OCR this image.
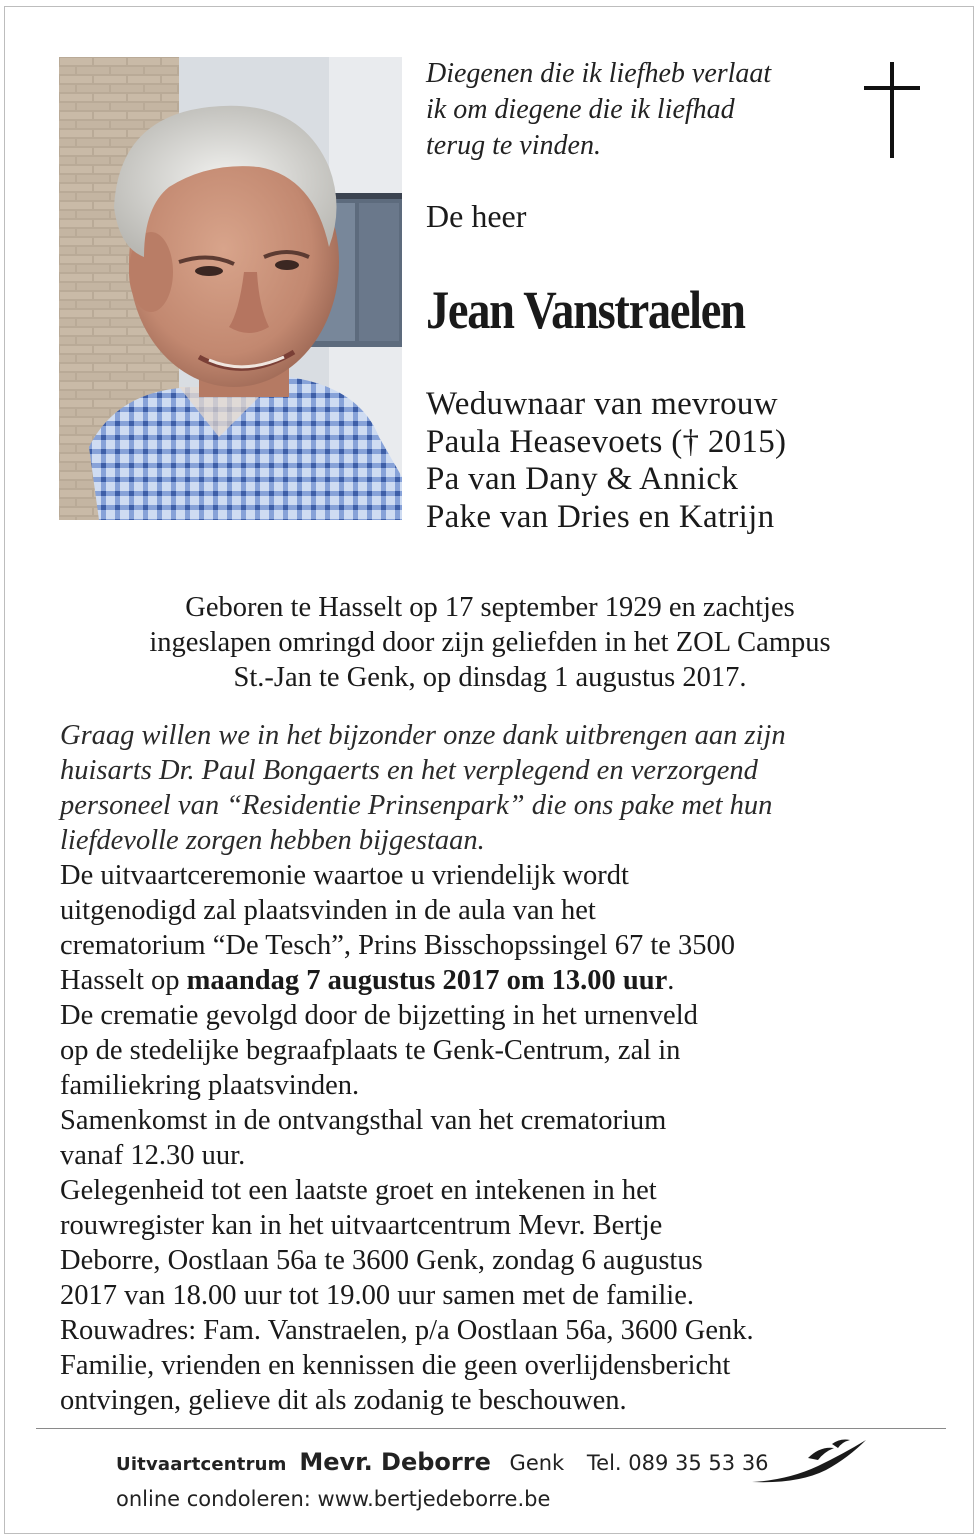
Diegenen die ik liefheb verlaat
ik om diegene die ik liefhad
terug te vinden.
De heer
Jean Vanstraelen
Weduwnaar van mevrouw
Paula Heasevoets († 2015)
Pa van Dany & Annick
Pake van Dries en Katrijn
Geboren te Hasselt op 17 september 1929 en zachtjes
ingeslapen omringd door zijn geliefden in het ZOL Campus
St.-Jan te Genk, op dinsdag 1 augustus 2017.

Graag willen we in het bijzonder onze dank uitbrengen aan zijn
huisarts Dr. Paul Bongaerts en het verplegend en verzorgend
personeel van “Residentie Prinsenpark” die ons pake met hun
liefdevolle zorgen hebben bijgestaan.

De uitvaartceremonie waartoe u vriendelijk wordt
uitgenodigd zal plaatsvinden in de aula van het
crematorium “De Tesch”, Prins Bisschopssingel 67 te 3500
Hasselt op maandag 7 augustus 2017 om 13.00 uur.

De crematie gevolgd door de bijzetting in het urnenveld
op de stedelijke begraafplaats te Genk-Centrum, zal in
familiekring plaatsvinden.

Samenkomst in de ontvangsthal van het crematorium
vanaf 12.30 uur.

Gelegenheid tot een laatste groet en intekenen in het
rouwregister kan in het uitvaartcentrum Mevr. Bertje
Deborre, Oostlaan 56a te 3600 Genk, zondag 6 augustus
2017 van 18.00 uur tot 19.00 uur samen met de familie.

Rouwadres: Fam. Vanstraelen, p/a Oostlaan 56a, 3600 Genk.

Familie, vrienden en kennissen die geen overlijdensbericht
ontvingen, gelieve dit als zodanig te beschouwen.

Uitvaartcentrum Mevr. Deborre Genk Tel. 089 35 53 36
online condoleren: www.bertjedeborre.be
